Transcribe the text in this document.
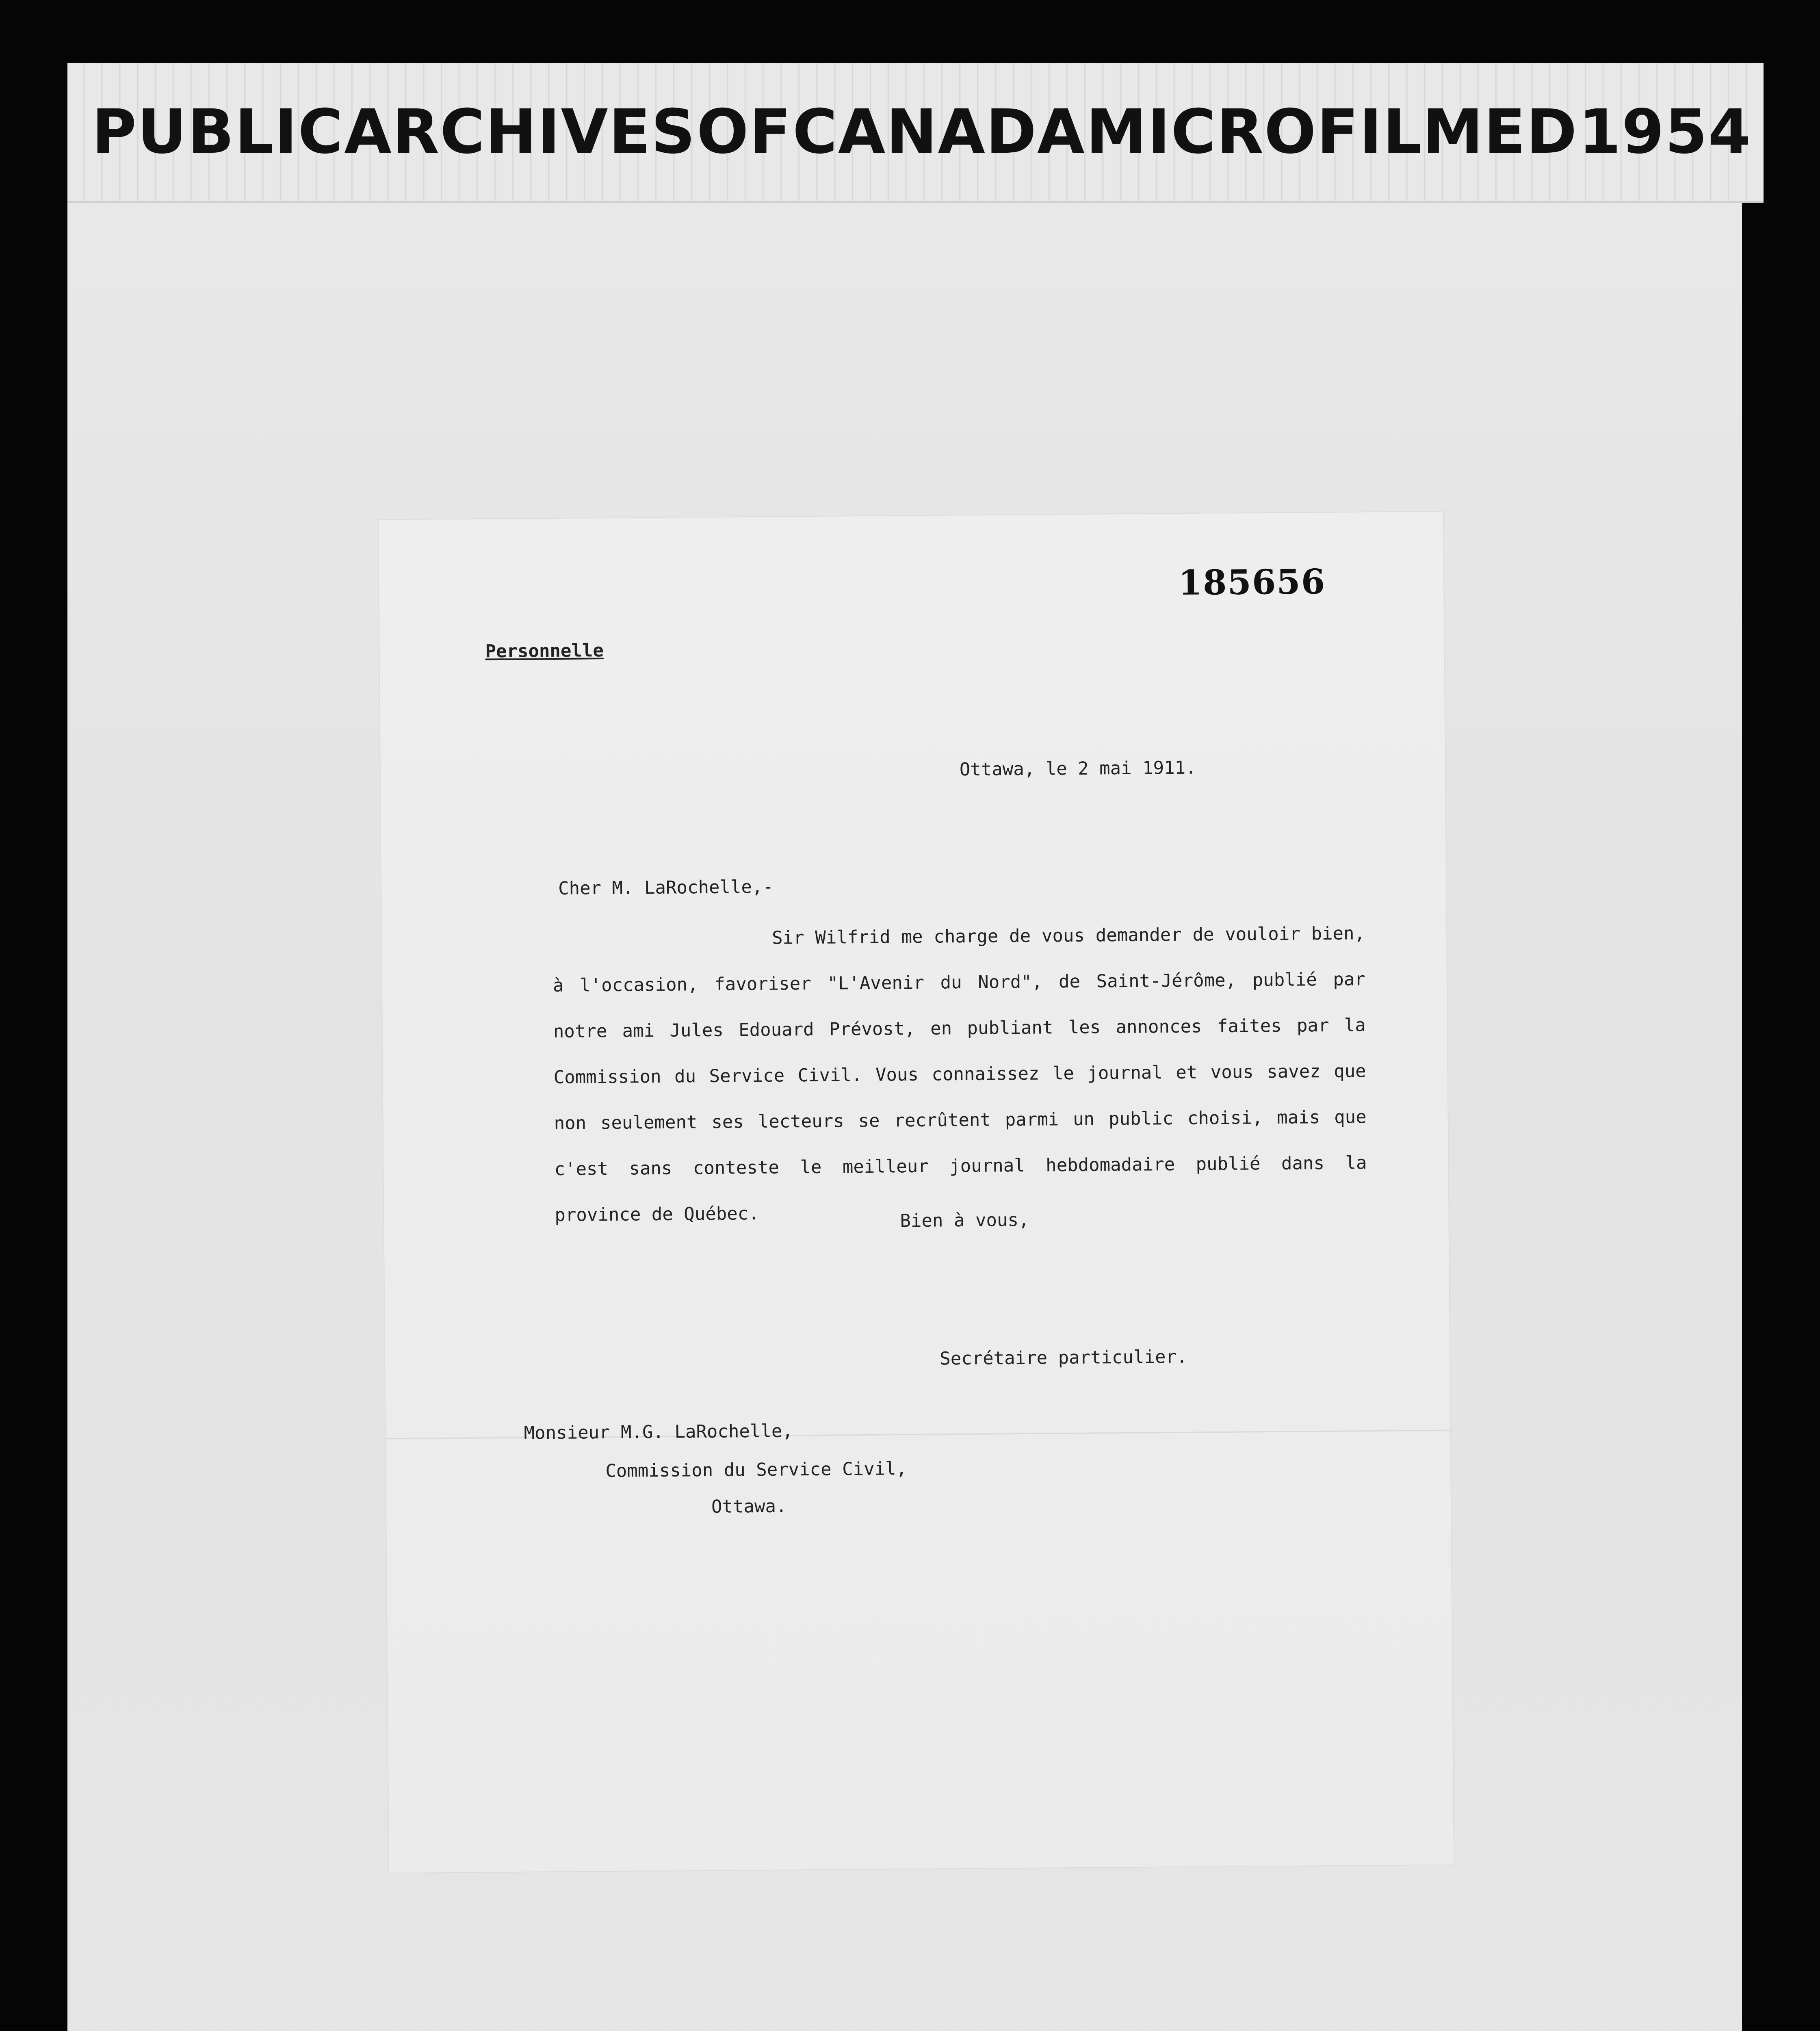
PUBLIC ARCHIVES OF CANADA MICROFILMED 1954
185656
Personnelle
Ottawa, le 2 mai 1911.
Cher M. LaRochelle,-
Sir Wilfrid me charge de vous demander de vouloir bien, à l'occasion, favoriser "L'Avenir du Nord", de Saint-Jérôme, publié par notre ami Jules Edouard Prévost, en publiant les annonces faites par la Commission du Service Civil. Vous connaissez le journal et vous savez que non seulement ses lecteurs se recrûtent parmi un public choisi, mais que c'est sans conteste le meilleur journal hebdomadaire publié dans la province de Québec.	Bien à vous,
Secrétaire particulier.
Monsieur M.G. LaRochelle,
Commission du Service Civil,
Ottawa.
